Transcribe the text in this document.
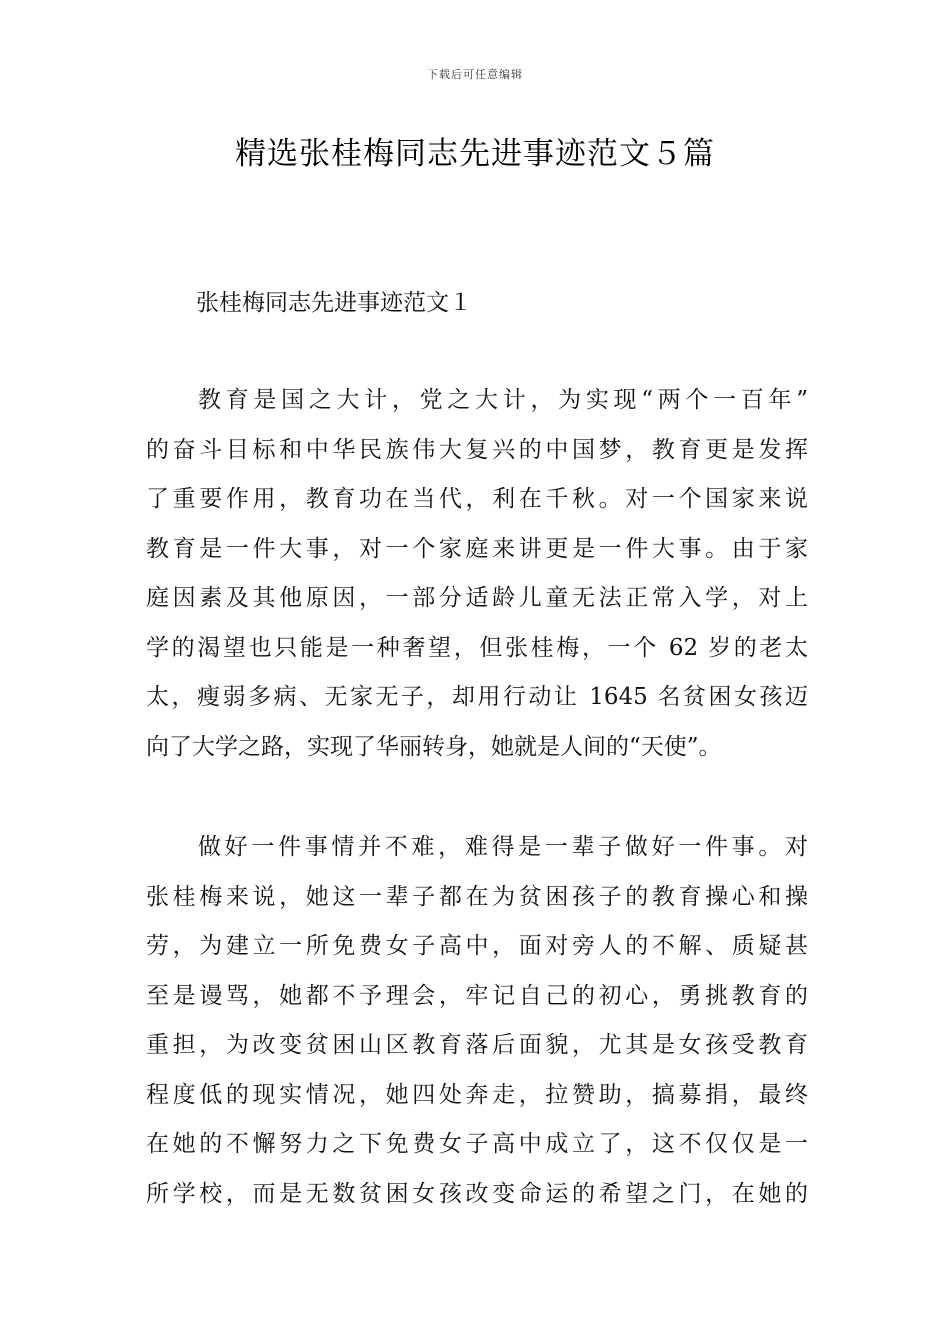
下载后可任意编辑
精选张桂梅同志先进事迹范文５篇
张桂梅同志先进事迹范文１
教育是国之大计，党之大计，为实现“两个一百年”
的奋斗目标和中华民族伟大复兴的中国梦，教育更是发挥
了重要作用，教育功在当代，利在千秋。对一个国家来说
教育是一件大事，对一个家庭来讲更是一件大事。由于家
庭因素及其他原因，一部分适龄儿童无法正常入学，对上
学的渴望也只能是一种奢望，但张桂梅，一个 62 岁的老太
太，瘦弱多病、无家无子，却用行动让 1645 名贫困女孩迈
向了大学之路，实现了华丽转身，她就是人间的“天使”。
做好一件事情并不难，难得是一辈子做好一件事。对
张桂梅来说，她这一辈子都在为贫困孩子的教育操心和操
劳，为建立一所免费女子高中，面对旁人的不解、质疑甚
至是谩骂，她都不予理会，牢记自己的初心，勇挑教育的
重担，为改变贫困山区教育落后面貌，尤其是女孩受教育
程度低的现实情况，她四处奔走，拉赞助，搞募捐，最终
在她的不懈努力之下免费女子高中成立了，这不仅仅是一
所学校，而是无数贫困女孩改变命运的希望之门，在她的
